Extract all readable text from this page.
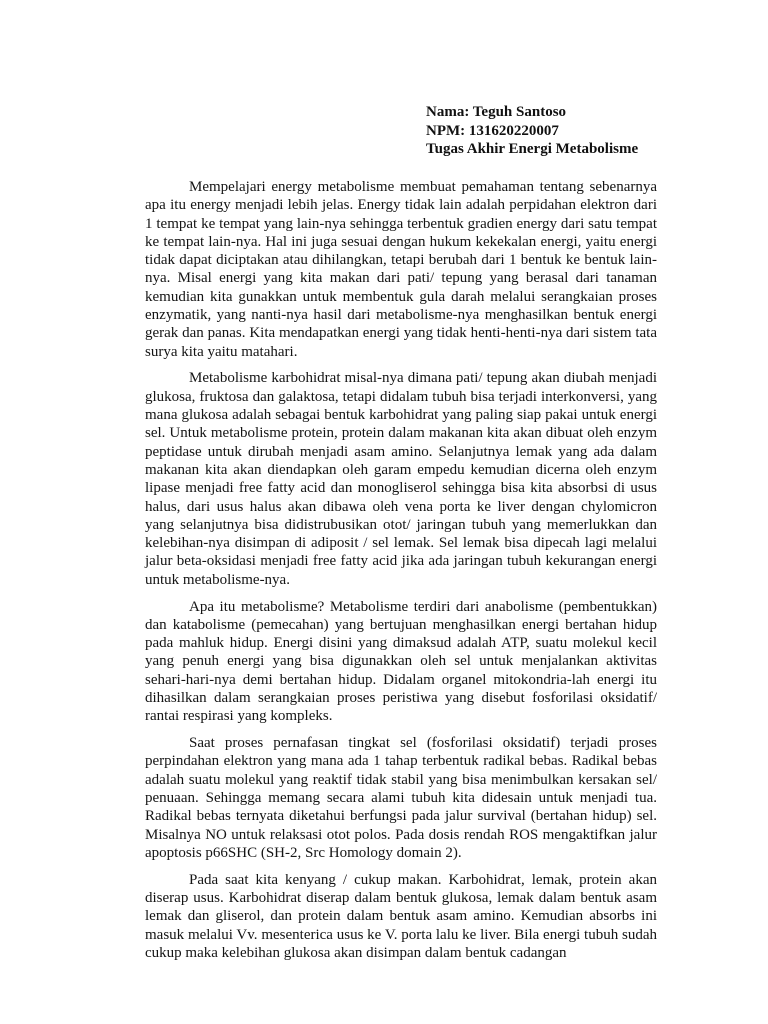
Nama: Teguh Santoso
NPM: 131620220007
Tugas Akhir Energi Metabolisme

Mempelajari energy metabolisme membuat pemahaman tentang sebenarnya apa itu energy menjadi lebih jelas. Energy tidak lain adalah perpidahan elektron dari 1 tempat ke tempat yang lain-nya sehingga terbentuk gradien energy dari satu tempat ke tempat lain-nya. Hal ini juga sesuai dengan hukum kekekalan energi, yaitu energi tidak dapat diciptakan atau dihilangkan, tetapi berubah dari 1 bentuk ke bentuk lain-nya. Misal energi yang kita makan dari pati/ tepung yang berasal dari tanaman kemudian kita gunakkan untuk membentuk gula darah melalui serangkaian proses enzymatik, yang nanti-nya hasil dari metabolisme-nya menghasilkan bentuk energi gerak dan panas. Kita mendapatkan energi yang tidak henti-henti-nya dari sistem tata surya kita yaitu matahari.

Metabolisme karbohidrat misal-nya dimana pati/ tepung akan diubah menjadi glukosa, fruktosa dan galaktosa, tetapi didalam tubuh bisa terjadi interkonversi, yang mana glukosa adalah sebagai bentuk karbohidrat yang paling siap pakai untuk energi sel. Untuk metabolisme protein, protein dalam makanan kita akan dibuat oleh enzym peptidase untuk dirubah menjadi asam amino. Selanjutnya lemak yang ada dalam makanan kita akan diendapkan oleh garam empedu kemudian dicerna oleh enzym lipase menjadi free fatty acid dan monogliserol sehingga bisa kita absorbsi di usus halus, dari usus halus akan dibawa oleh vena porta ke liver dengan chylomicron yang selanjutnya bisa didistrubusikan otot/ jaringan tubuh yang memerlukkan dan kelebihan-nya disimpan di adiposit / sel lemak. Sel lemak bisa dipecah lagi melalui jalur beta-oksidasi menjadi free fatty acid jika ada jaringan tubuh kekurangan energi untuk metabolisme-nya.

Apa itu metabolisme? Metabolisme terdiri dari anabolisme (pembentukkan) dan katabolisme (pemecahan) yang bertujuan menghasilkan energi bertahan hidup pada mahluk hidup. Energi disini yang dimaksud adalah ATP, suatu molekul kecil yang penuh energi yang bisa digunakkan oleh sel untuk menjalankan aktivitas sehari-hari-nya demi bertahan hidup. Didalam organel mitokondria-lah energi itu dihasilkan dalam serangkaian proses peristiwa yang disebut fosforilasi oksidatif/ rantai respirasi yang kompleks.

Saat proses pernafasan tingkat sel (fosforilasi oksidatif) terjadi proses perpindahan elektron yang mana ada 1 tahap terbentuk radikal bebas. Radikal bebas adalah suatu molekul yang reaktif tidak stabil yang bisa menimbulkan kersakan sel/ penuaan. Sehingga memang secara alami tubuh kita didesain untuk menjadi tua. Radikal bebas ternyata diketahui berfungsi pada jalur survival (bertahan hidup) sel. Misalnya NO untuk relaksasi otot polos. Pada dosis rendah ROS mengaktifkan jalur apoptosis p66SHC (SH-2, Src Homology domain 2).

Pada saat kita kenyang / cukup makan. Karbohidrat, lemak, protein akan diserap usus. Karbohidrat diserap dalam bentuk glukosa, lemak dalam bentuk asam lemak dan gliserol, dan protein dalam bentuk asam amino. Kemudian absorbs ini masuk melalui Vv. mesenterica usus ke V. porta lalu ke liver. Bila energi tubuh sudah cukup maka kelebihan glukosa akan disimpan dalam bentuk cadangan
